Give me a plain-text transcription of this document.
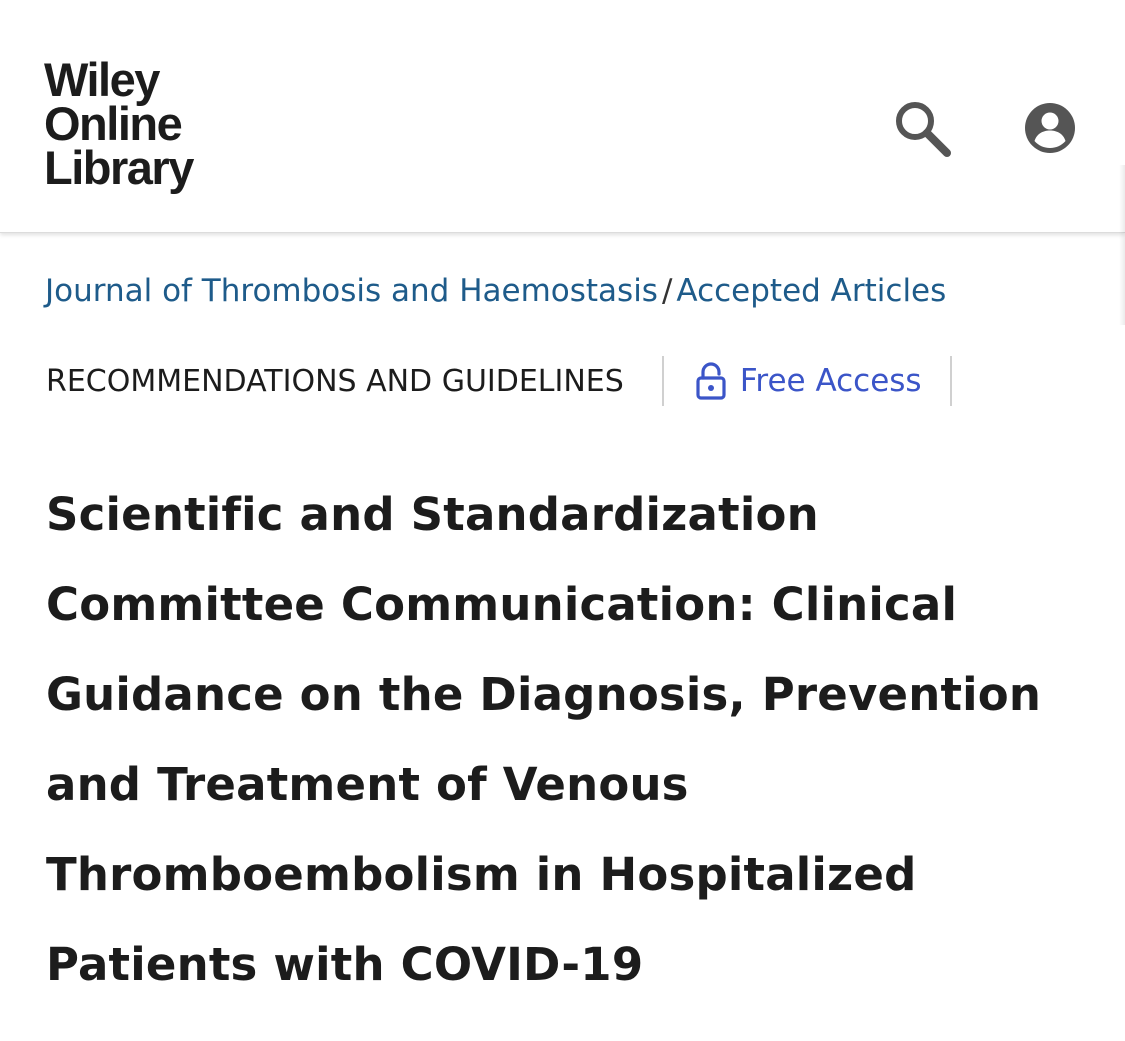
Wiley
Online
Library
Journal of Thrombosis and Haemostasis / Accepted Articles
RECOMMENDATIONS AND GUIDELINES	Free Access
Scientific and Standardization Committee Communication: Clinical Guidance on the Diagnosis, Prevention and Treatment of Venous Thromboembolism in Hospitalized Patients with COVID-19
